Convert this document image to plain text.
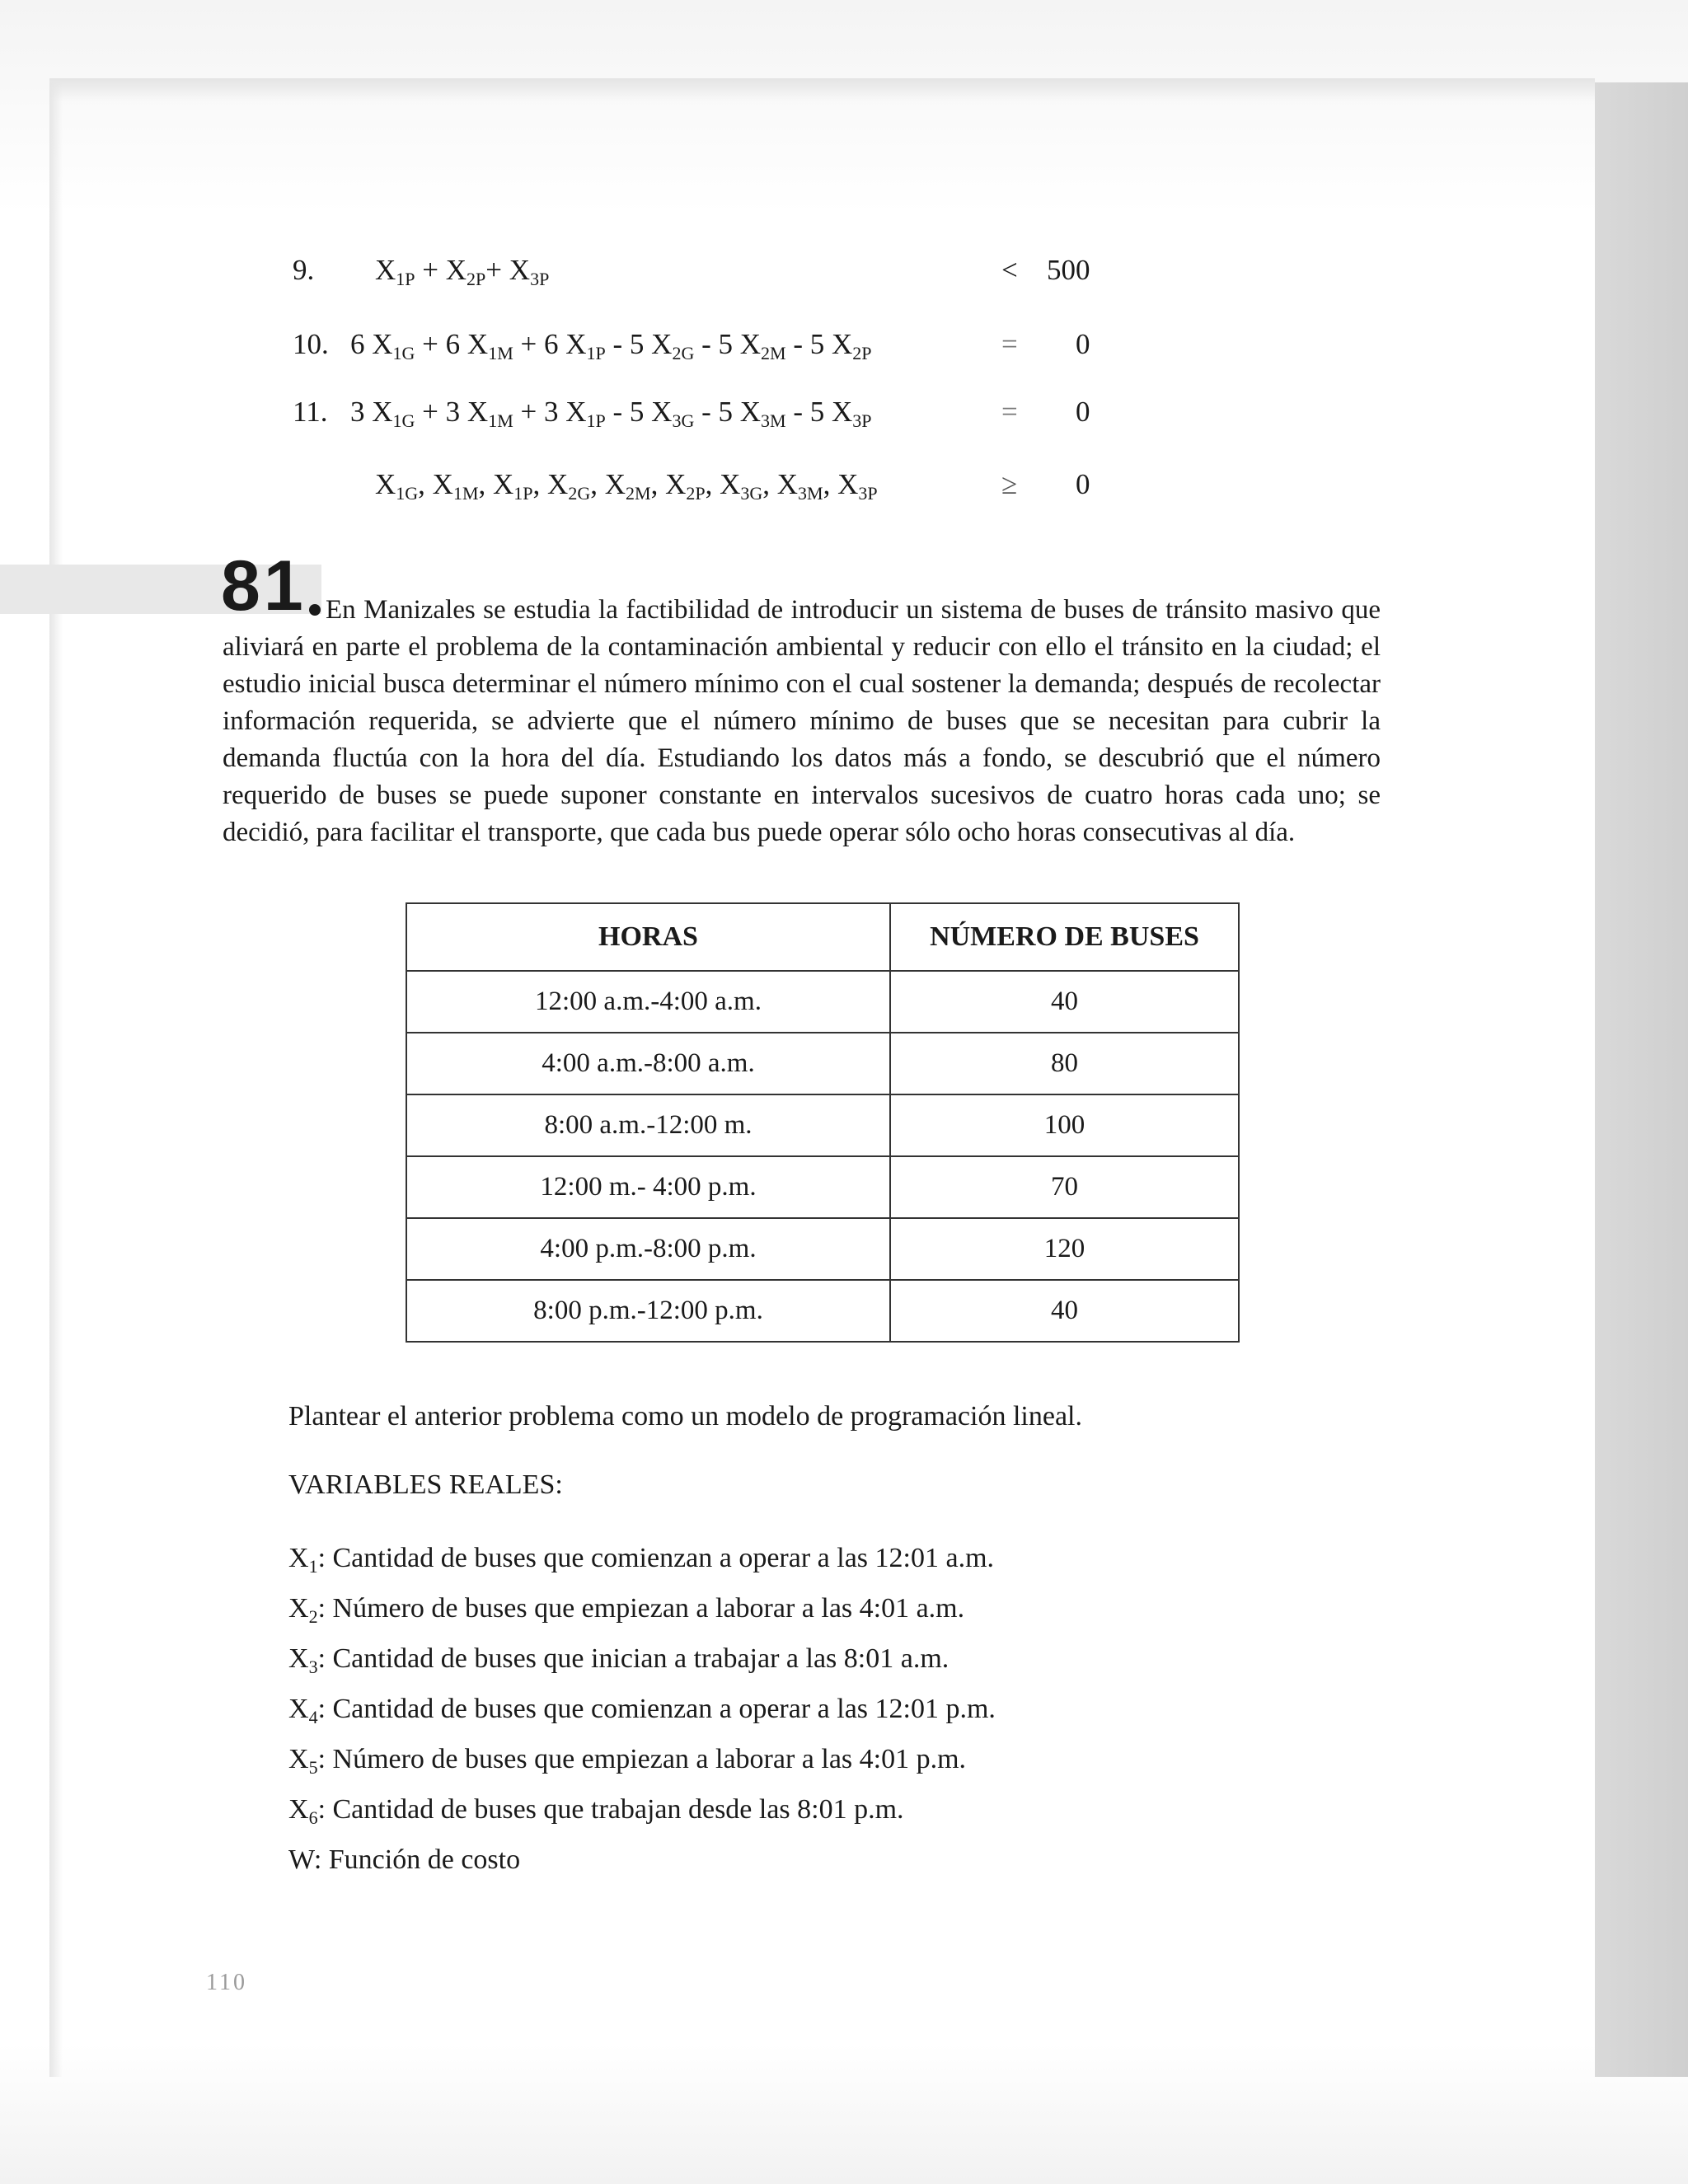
9. $X_{1P} + X_{2P}+ X_{3P}$	< 500
10. 6 $X_{1G} + 6$ $X_{1M} + 6$ $X_{1P} - 5$ $X_{2G} - 5$ $X_{2M} - 5$ $X_{2P}$	= 0
11. 3 $X_{1G} + 3$ $X_{1M} + 3$ $X_{1P} - 5$ $X_{3G} - 5$ $X_{3M} - 5$ $X_{3P}$	= 0
$X_{1G}$, $X_{1M}$, $X_{1P}$, $X_{2G}$, $X_{2M}$, $X_{2P}$, $X_{3G}$, $X_{3M}$, $X_{3P}$	≥ 0
81 En Manizales se estudia la factibilidad de introducir un sistema de buses de tránsito masivo que aliviará en parte el problema de la contaminación ambiental y reducir con ello el tránsito en la ciudad; el estudio inicial busca determinar el número mínimo con el cual sostener la demanda; después de recolectar información requerida, se advierte que el número mínimo de buses que se necesitan para cubrir la demanda fluctúa con la hora del día. Estudiando los datos más a fondo, se descubrió que el número requerido de buses se puede suponer constante en intervalos sucesivos de cuatro horas cada uno; se decidió, para facilitar el transporte, que cada bus puede operar sólo ocho horas consecutivas al día.
HORAS	NÚMERO DE BUSES
12:00 a.m.-4:00 a.m.	40
4:00 a.m.-8:00 a.m.	80
8:00 a.m.-12:00 m.	100
12:00 m.- 4:00 p.m.	70
4:00 p.m.-8:00 p.m.	120
8:00 p.m.-12:00 p.m.	40
Plantear el anterior problema como un modelo de programación lineal.
VARIABLES REALES:
$X_1$: Cantidad de buses que comienzan a operar a las 12:01 a.m.
$X_2$: Número de buses que empiezan a laborar a las 4:01 a.m.
$X_3$: Cantidad de buses que inician a trabajar a las 8:01 a.m.
$X_4$: Cantidad de buses que comienzan a operar a las 12:01 p.m.
$X_5$: Número de buses que empiezan a laborar a las 4:01 p.m.
$X_6$: Cantidad de buses que trabajan desde las 8:01 p.m.
W: Función de costo
110
